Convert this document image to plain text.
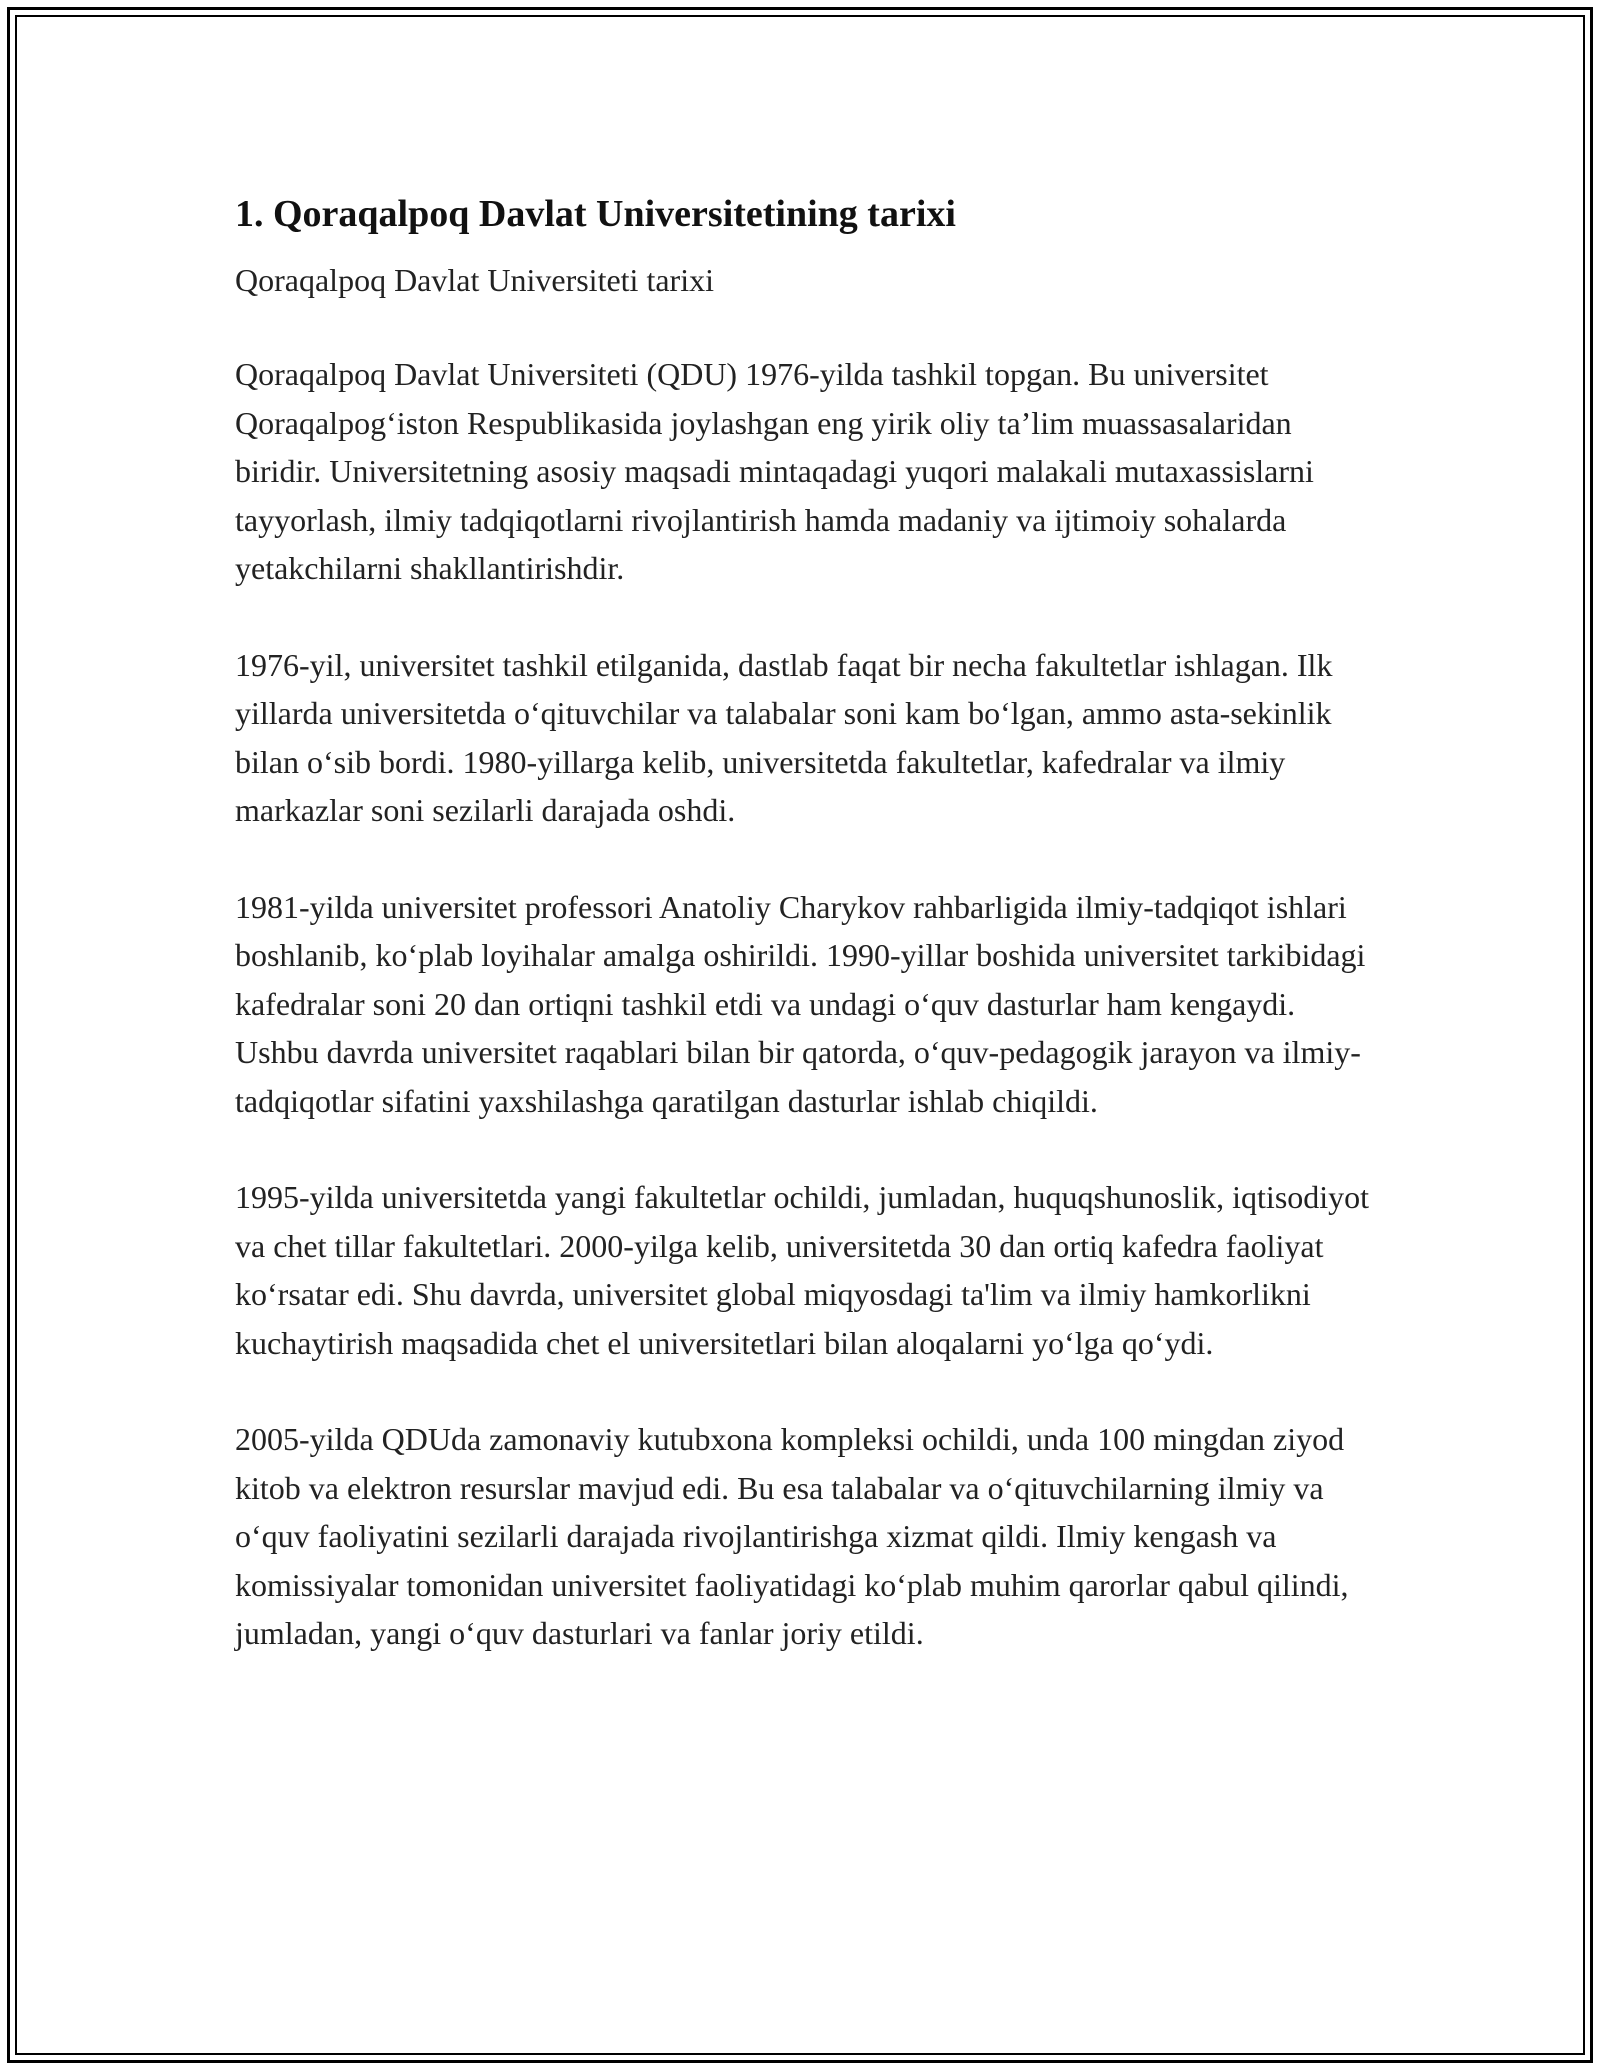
1. Qoraqalpoq Davlat Universitetining tarixi

Qoraqalpoq Davlat Universiteti tarixi

Qoraqalpoq Davlat Universiteti (QDU) 1976-yilda tashkil topgan. Bu universitet Qoraqalpogʻiston Respublikasida joylashgan eng yirik oliy taʼlim muassasalaridan biridir. Universitetning asosiy maqsadi mintaqadagi yuqori malakali mutaxassislarni tayyorlash, ilmiy tadqiqotlarni rivojlantirish hamda madaniy va ijtimoiy sohalarda yetakchilarni shakllantirishdir.

1976-yil, universitet tashkil etilganida, dastlab faqat bir necha fakultetlar ishlagan. Ilk yillarda universitetda oʻqituvchilar va talabalar soni kam boʻlgan, ammo asta-sekinlik bilan oʻsib bordi. 1980-yillarga kelib, universitetda fakultetlar, kafedralar va ilmiy markazlar soni sezilarli darajada oshdi.

1981-yilda universitet professori Anatoliy Charykov rahbarligida ilmiy-tadqiqot ishlari boshlanib, koʻplab loyihalar amalga oshirildi. 1990-yillar boshida universitet tarkibidagi kafedralar soni 20 dan ortiqni tashkil etdi va undagi oʻquv dasturlar ham kengaydi. Ushbu davrda universitet raqablari bilan bir qatorda, oʻquv-pedagogik jarayon va ilmiy-tadqiqotlar sifatini yaxshilashga qaratilgan dasturlar ishlab chiqildi.

1995-yilda universitetda yangi fakultetlar ochildi, jumladan, huquqshunoslik, iqtisodiyot va chet tillar fakultetlari. 2000-yilga kelib, universitetda 30 dan ortiq kafedra faoliyat koʻrsatar edi. Shu davrda, universitet global miqyosdagi ta'lim va ilmiy hamkorlikni kuchaytirish maqsadida chet el universitetlari bilan aloqalarni yoʻlga qoʻydi.

2005-yilda QDUda zamonaviy kutubxona kompleksi ochildi, unda 100 mingdan ziyod kitob va elektron resurslar mavjud edi. Bu esa talabalar va oʻqituvchilarning ilmiy va oʻquv faoliyatini sezilarli darajada rivojlantirishga xizmat qildi. Ilmiy kengash va komissiyalar tomonidan universitet faoliyatidagi koʻplab muhim qarorlar qabul qilindi, jumladan, yangi oʻquv dasturlari va fanlar joriy etildi.
